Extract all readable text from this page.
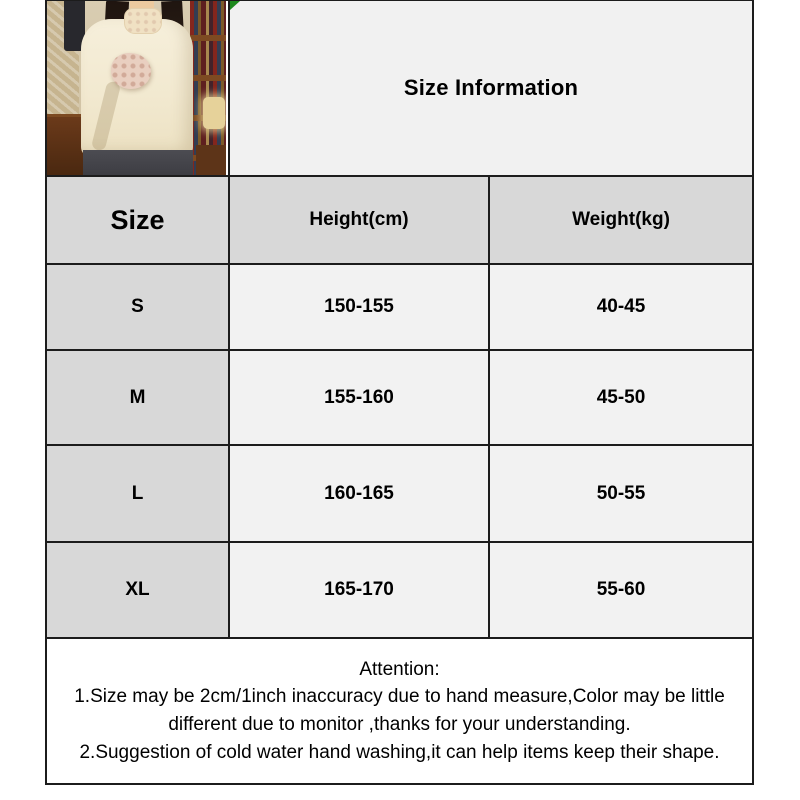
Size Information	
Size	Height(cm)	Weight(kg)
S	150-155	40-45
M	155-160	45-50
L	160-165	50-55
XL	165-170	55-60

Attention:
1.Size may be 2cm/1inch inaccuracy due to hand measure,Color may be little different due to monitor ,thanks for your understanding.
2.Suggestion of cold water hand washing,it can help items keep their shape.		
